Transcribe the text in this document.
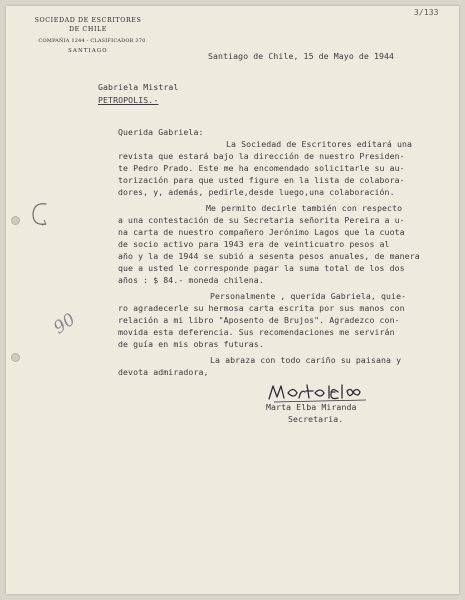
3/133
SOCIEDAD DE ESCRITORES
DE CHILE
COMPAÑIA 1244 - CLASIFICADOR 370
SANTIAGO	Santiago de Chile, 15 de Mayo de 1944
Gabriela Mistral
PETROPOLIS.-
Querida Gabriela:
La Sociedad de Escritores editará una
revista que estará bajo la dirección de nuestro Presiden-
te Pedro Prado. Este me ha encomendado solicitarle su au-
torización para que usted figure en la lista de colabora-
dores, y, además, pedirle,desde luego,una colaboración.
Me permito decirle también con respecto
a una contestación de su Secretaria señorita Pereira a u-
na carta de nuestro compañero Jerónimo Lagos que la cuota
de socio activo para 1943 era de veinticuatro pesos al
año y la de 1944 se subió a sesenta pesos anuales, de manera
que a usted le corresponde pagar la suma total de los dos
años : $ 84.- moneda chilena.
Personalmente , querida Gabriela, quie-
ro agradecerle su hermosa carta escrita por sus manos con
relación a mi libro "Aposento de Brujos". Agradezco con-
movida esta deferencia. Sus recomendaciones me servirán
de guía en mis obras futuras.
La abraza con todo cariño su paisana y
devota admiradora,
Marta Elba Miranda
Secretaria.
90
